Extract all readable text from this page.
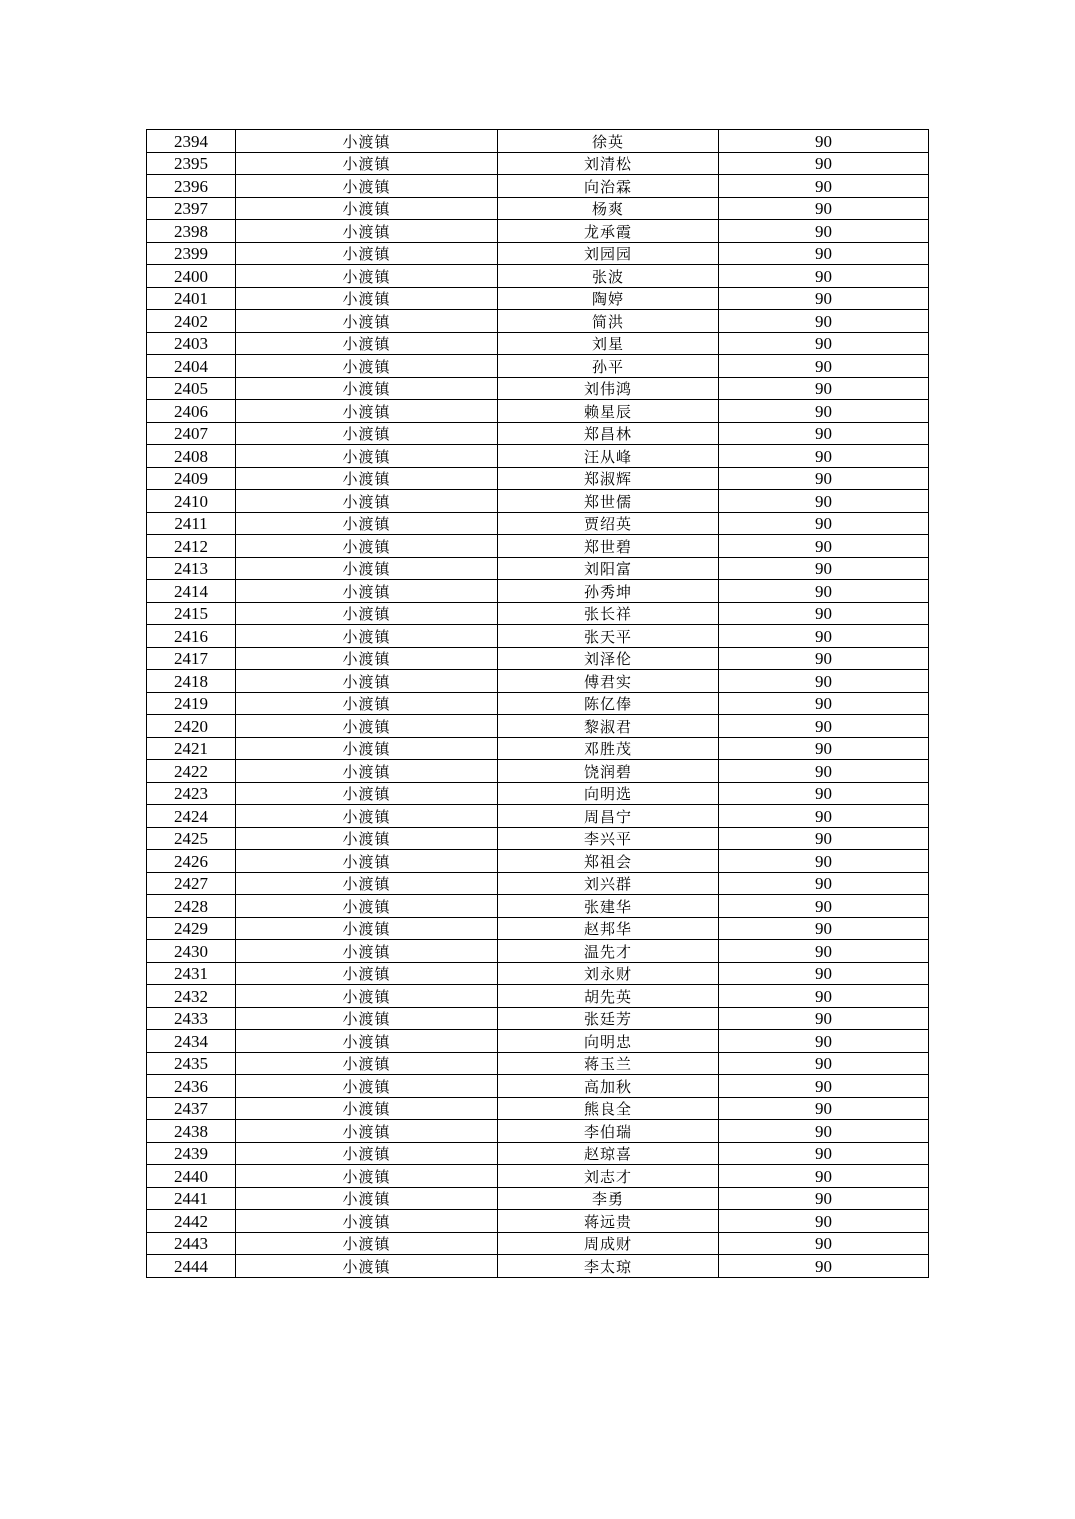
2394	小渡镇	徐英	90
2395	小渡镇	刘清松	90
2396	小渡镇	向治霖	90
2397	小渡镇	杨爽	90
2398	小渡镇	龙承霞	90
2399	小渡镇	刘园园	90
2400	小渡镇	张波	90
2401	小渡镇	陶婷	90
2402	小渡镇	简洪	90
2403	小渡镇	刘星	90
2404	小渡镇	孙平	90
2405	小渡镇	刘伟鸿	90
2406	小渡镇	赖星辰	90
2407	小渡镇	郑昌林	90
2408	小渡镇	汪从峰	90
2409	小渡镇	郑淑辉	90
2410	小渡镇	郑世儒	90
2411	小渡镇	贾绍英	90
2412	小渡镇	郑世碧	90
2413	小渡镇	刘阳富	90
2414	小渡镇	孙秀坤	90
2415	小渡镇	张长祥	90
2416	小渡镇	张天平	90
2417	小渡镇	刘泽伦	90
2418	小渡镇	傅君实	90
2419	小渡镇	陈亿俸	90
2420	小渡镇	黎淑君	90
2421	小渡镇	邓胜茂	90
2422	小渡镇	饶润碧	90
2423	小渡镇	向明选	90
2424	小渡镇	周昌宁	90
2425	小渡镇	李兴平	90
2426	小渡镇	郑祖会	90
2427	小渡镇	刘兴群	90
2428	小渡镇	张建华	90
2429	小渡镇	赵邦华	90
2430	小渡镇	温先才	90
2431	小渡镇	刘永财	90
2432	小渡镇	胡先英	90
2433	小渡镇	张廷芳	90
2434	小渡镇	向明忠	90
2435	小渡镇	蒋玉兰	90
2436	小渡镇	高加秋	90
2437	小渡镇	熊良全	90
2438	小渡镇	李伯瑞	90
2439	小渡镇	赵琼喜	90
2440	小渡镇	刘志才	90
2441	小渡镇	李勇	90
2442	小渡镇	蒋远贵	90
2443	小渡镇	周成财	90
2444	小渡镇	李太琼	90
